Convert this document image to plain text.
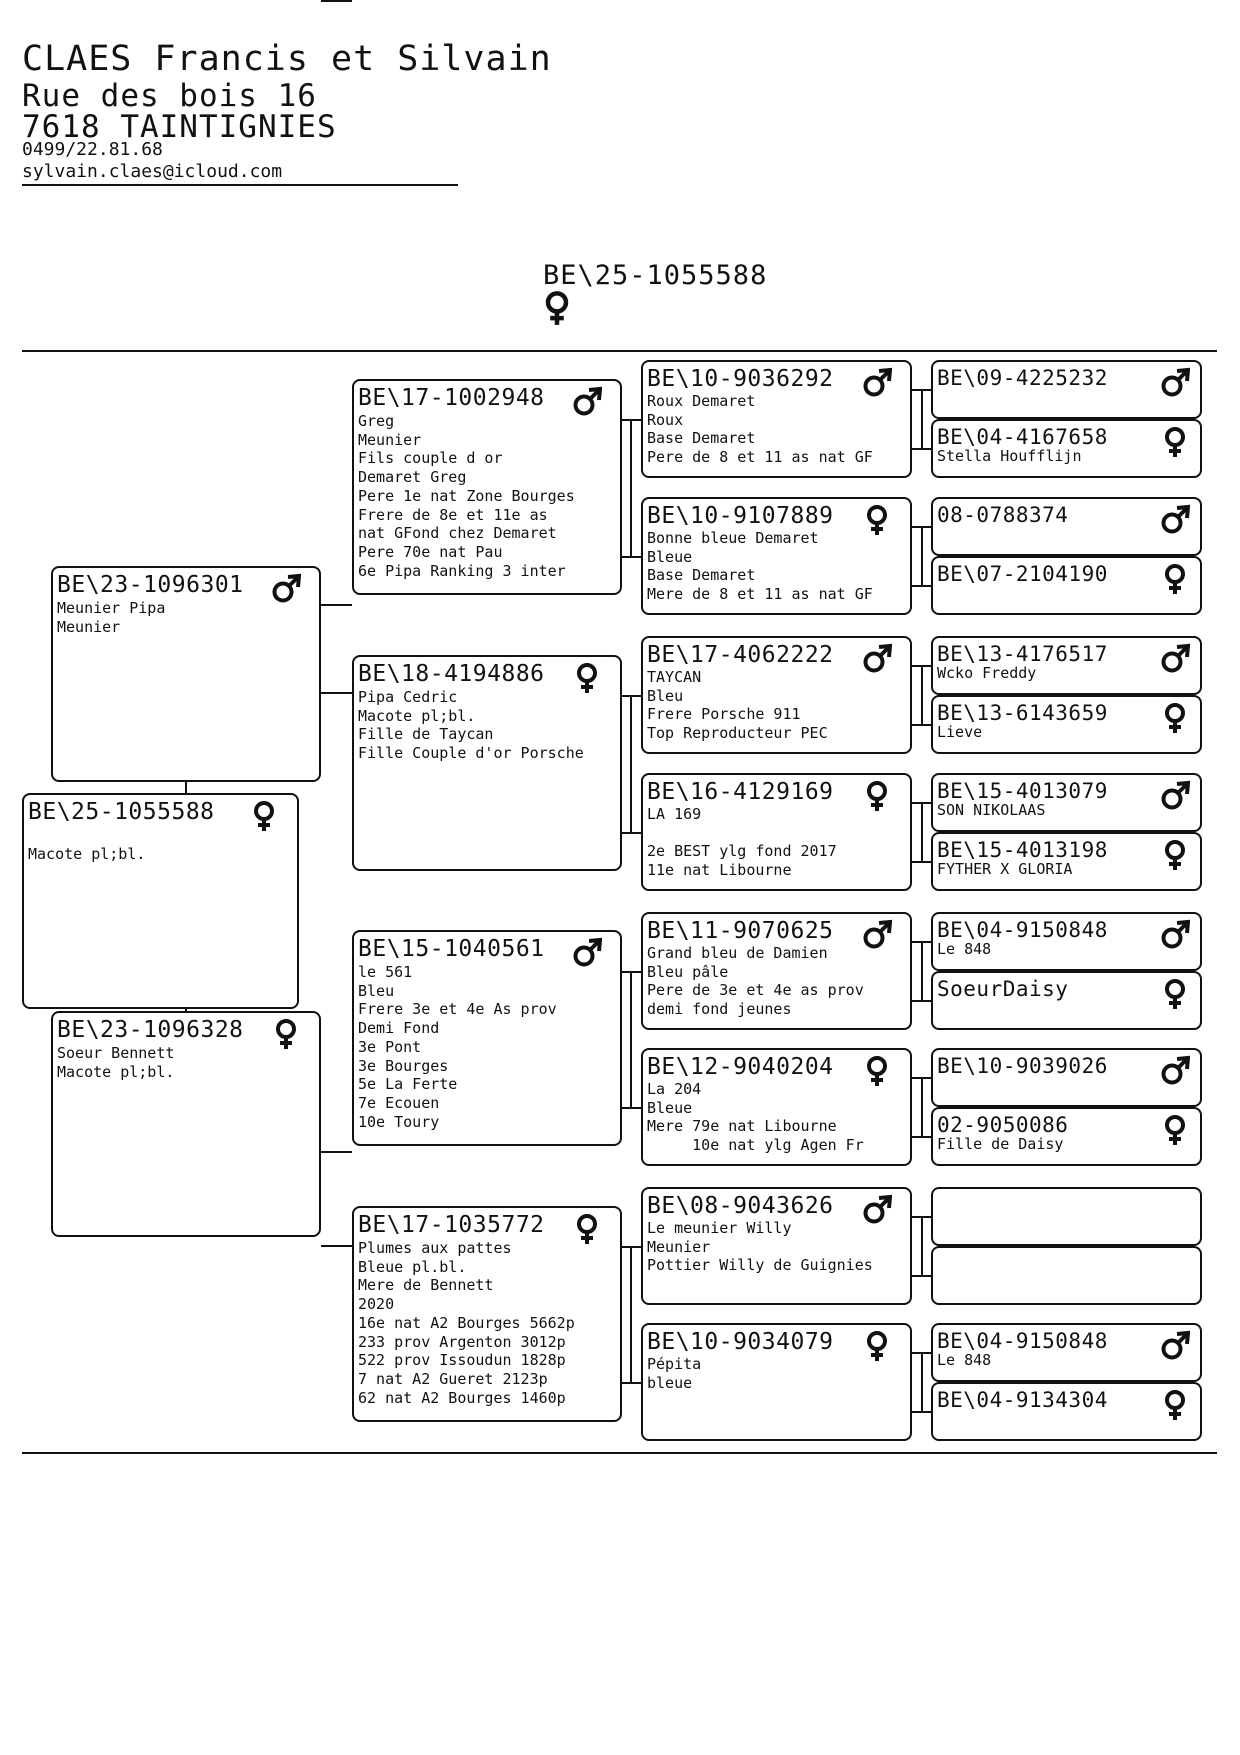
CLAES Francis et Silvain
Rue des bois 16
7618 TAINTIGNIES
0499/22.81.68
sylvain.claes@icloud.com
BE\25-1055588
BE\25-1055588

Macote pl;bl.
BE\23-1096301
Meunier Pipa
Meunier
BE\23-1096328
Soeur Bennett
Macote pl;bl.
BE\17-1002948
Greg
Meunier
Fils couple d or
Demaret Greg
Pere 1e nat Zone Bourges
Frere de 8e et 11e as
nat GFond chez Demaret
Pere 70e nat Pau
6e Pipa Ranking 3 inter
BE\18-4194886
Pipa Cedric
Macote pl;bl.
Fille de Taycan
Fille Couple d'or Porsche
BE\15-1040561
le 561
Bleu
Frere 3e et 4e As prov
Demi Fond
3e Pont
3e Bourges
5e La Ferte
7e Ecouen
10e Toury
BE\17-1035772
Plumes aux pattes
Bleue pl.bl.
Mere de Bennett
2020
16e nat A2 Bourges 5662p
233 prov Argenton 3012p
522 prov Issoudun 1828p
7 nat A2 Gueret 2123p
62 nat A2 Bourges 1460p
BE\10-9036292
Roux Demaret
Roux
Base Demaret
Pere de 8 et 11 as nat GF
BE\10-9107889
Bonne bleue Demaret
Bleue
Base Demaret
Mere de 8 et 11 as nat GF
BE\17-4062222
TAYCAN
Bleu
Frere Porsche 911
Top Reproducteur PEC
BE\16-4129169
LA 169

2e BEST ylg fond 2017
11e nat Libourne
BE\11-9070625
Grand bleu de Damien
Bleu pâle
Pere de 3e et 4e as prov
demi fond jeunes
BE\12-9040204
La 204
Bleue
Mere 79e nat Libourne
10e nat ylg Agen Fr
BE\08-9043626
Le meunier Willy
Meunier
Pottier Willy de Guignies
BE\10-9034079
Pépita
bleue
BE\09-4225232
BE\04-4167658
Stella Houfflijn
08-0788374
BE\07-2104190
BE\13-4176517
Wcko Freddy
BE\13-6143659
Lieve
BE\15-4013079
SON NIKOLAAS
BE\15-4013198
FYTHER X GLORIA
BE\04-9150848
Le 848
SoeurDaisy
BE\10-9039026
02-9050086
Fille de Daisy
BE\04-9150848
Le 848
BE\04-9134304
